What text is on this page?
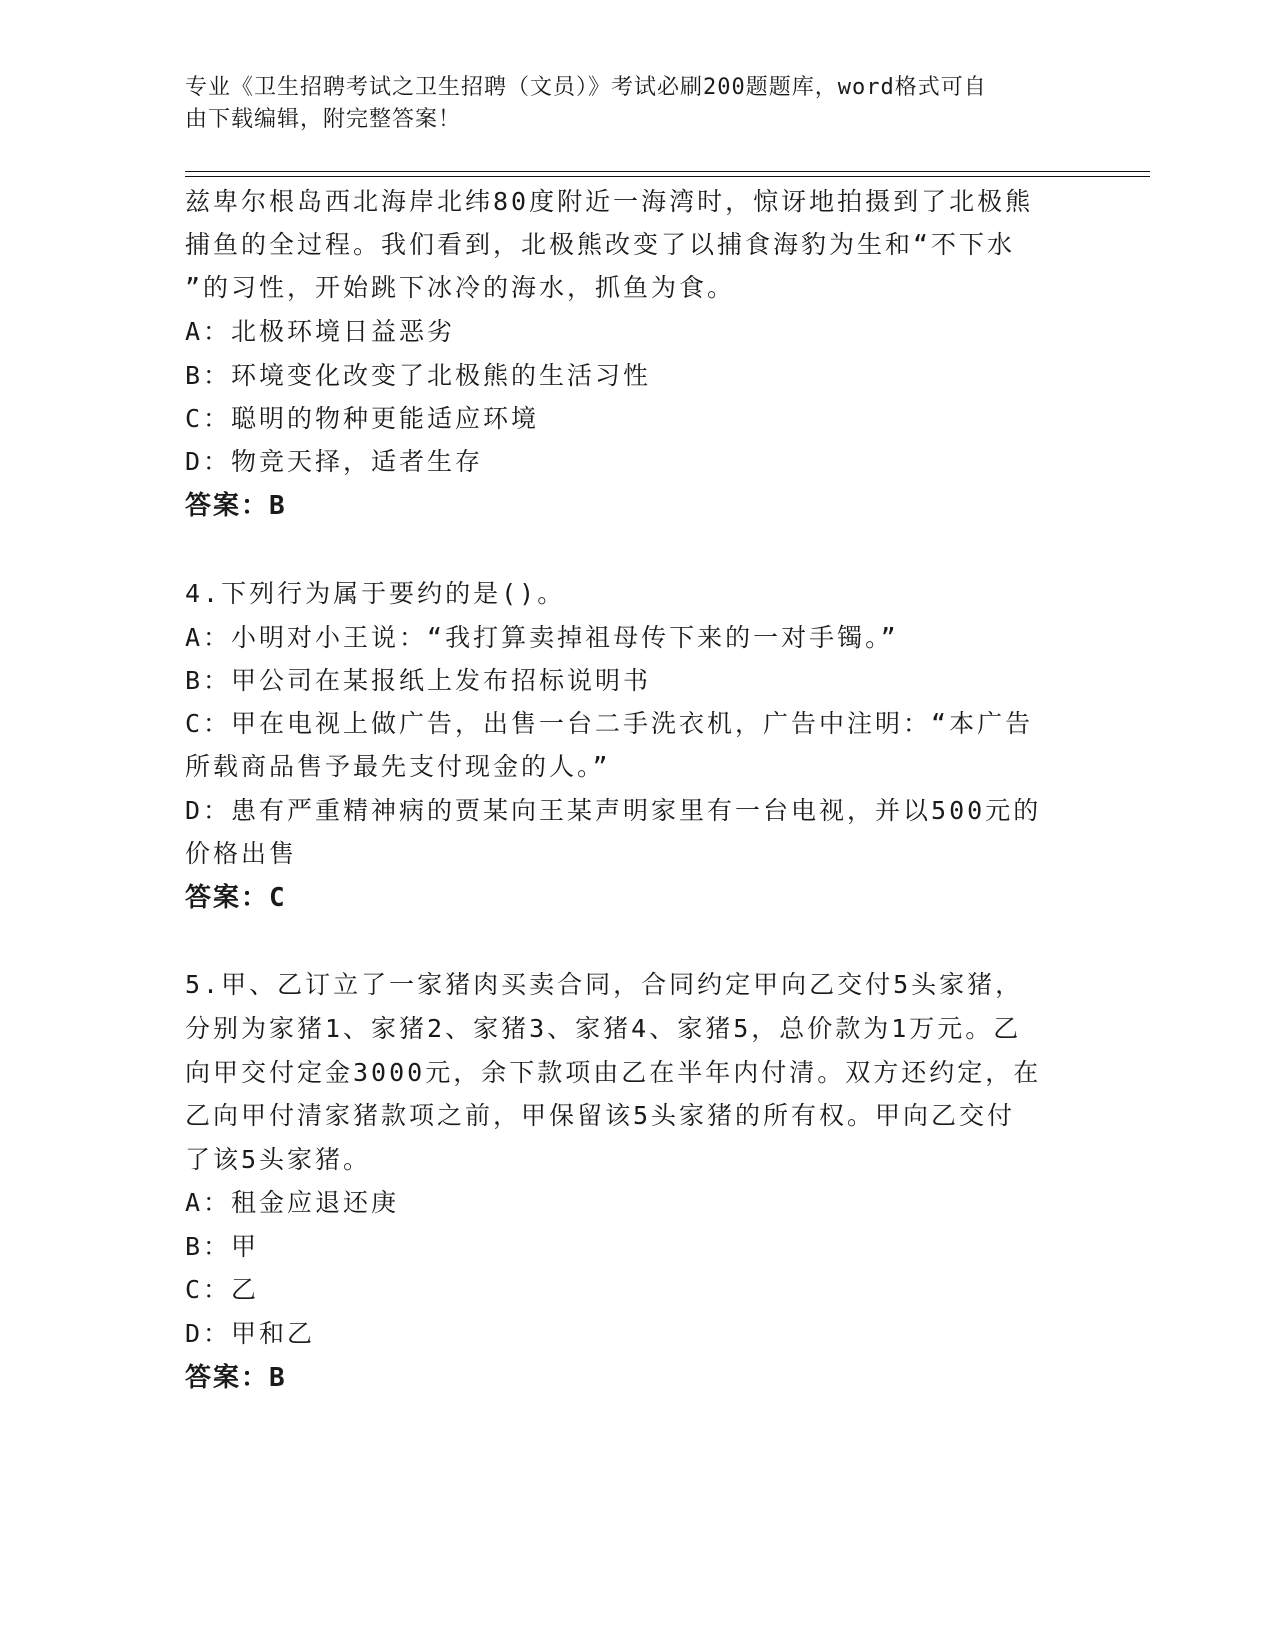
专业《卫生招聘考试之卫生招聘（文员）》考试必刷200题题库，word格式可自
由下载编辑，附完整答案！
兹卑尔根岛西北海岸北纬80度附近一海湾时，惊讶地拍摄到了北极熊
捕鱼的全过程。我们看到，北极熊改变了以捕食海豹为生和“不下水
”的习性，开始跳下冰冷的海水，抓鱼为食。
A：北极环境日益恶劣
B：环境变化改变了北极熊的生活习性
C：聪明的物种更能适应环境
D：物竞天择，适者生存
答案：B
4.下列行为属于要约的是()。
A：小明对小王说：“我打算卖掉祖母传下来的一对手镯。”
B：甲公司在某报纸上发布招标说明书
C：甲在电视上做广告，出售一台二手洗衣机，广告中注明：“本广告
所载商品售予最先支付现金的人。”
D：患有严重精神病的贾某向王某声明家里有一台电视，并以500元的
价格出售
答案：C
5.甲、乙订立了一家猪肉买卖合同，合同约定甲向乙交付5头家猪，
分别为家猪1、家猪2、家猪3、家猪4、家猪5，总价款为1万元。乙
向甲交付定金3000元，余下款项由乙在半年内付清。双方还约定，在
乙向甲付清家猪款项之前，甲保留该5头家猪的所有权。甲向乙交付
了该5头家猪。
A：租金应退还庚
B：甲
C：乙
D：甲和乙
答案：B
